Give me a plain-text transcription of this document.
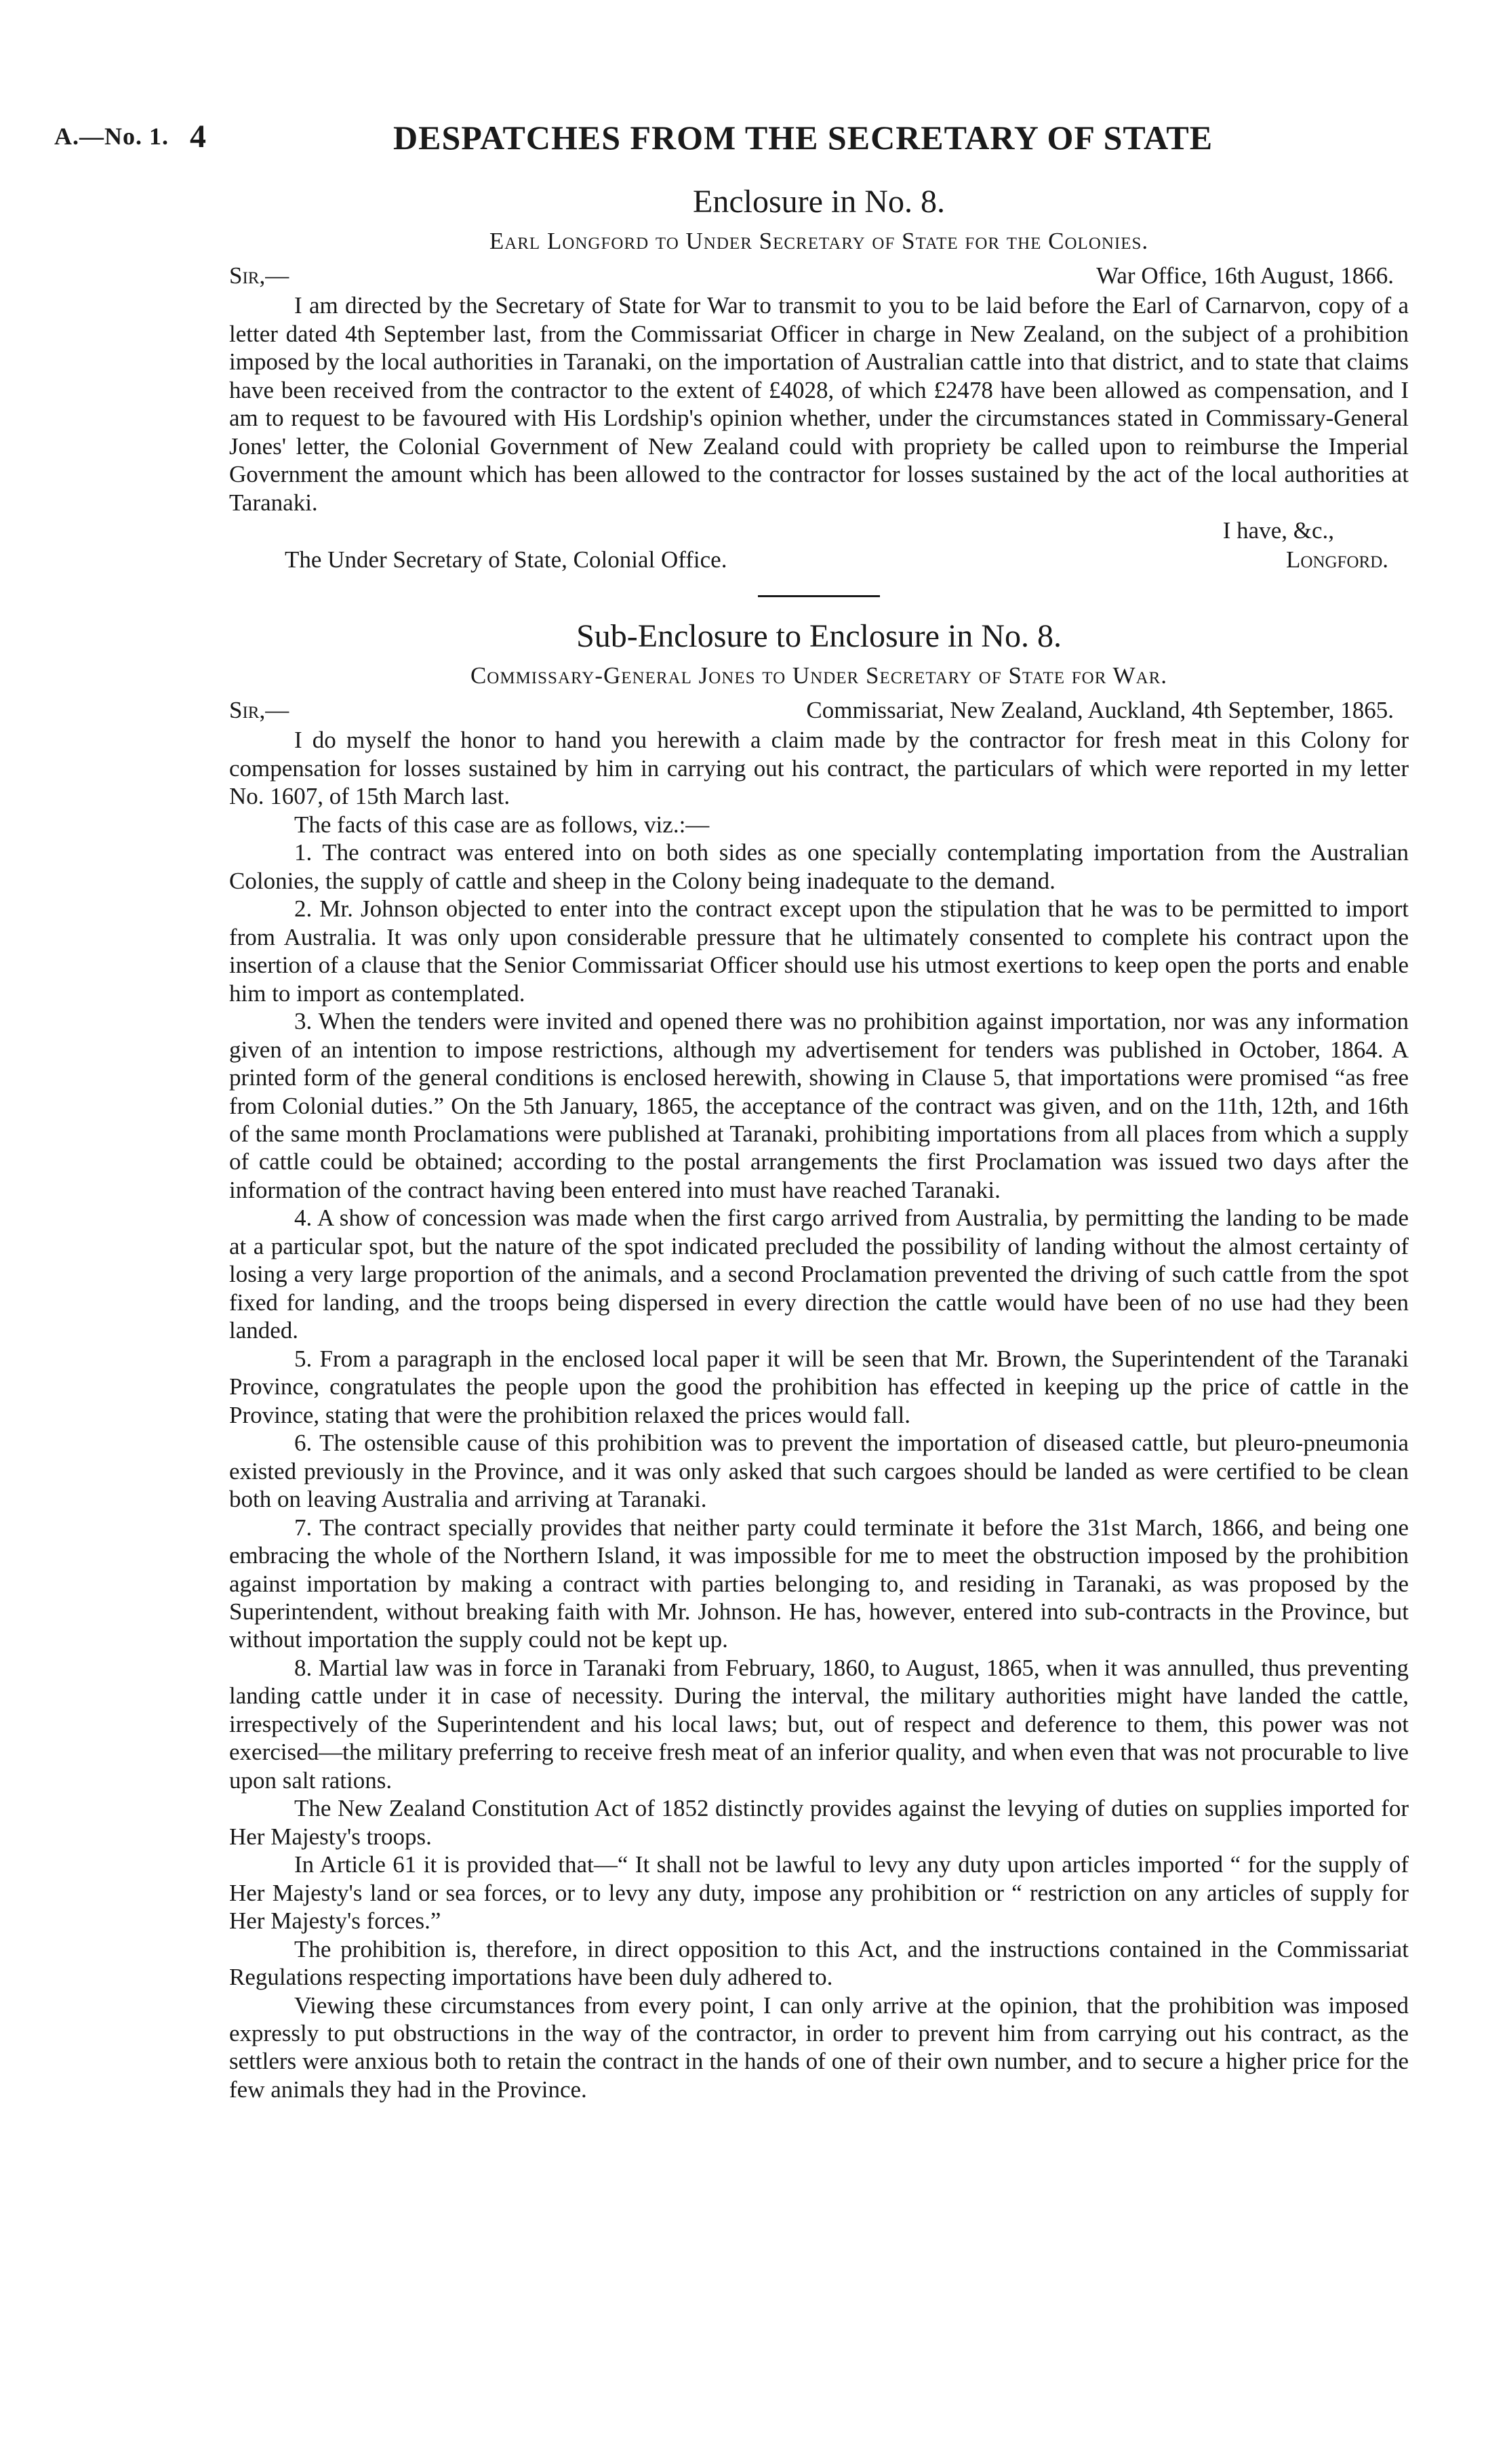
A.—No. 1. 4	DESPATCHES FROM THE SECRETARY OF STATE
Enclosure in No. 8.
Earl Longford to Under Secretary of State for the Colonies.
Sir,—	War Office, 16th August, 1866.

I am directed by the Secretary of State for War to transmit to you to be laid before the Earl of Carnarvon, copy of a letter dated 4th September last, from the Commissariat Officer in charge in New Zealand, on the subject of a prohibition imposed by the local authorities in Taranaki, on the importation of Australian cattle into that district, and to state that claims have been received from the contractor to the extent of £4028, of which £2478 have been allowed as compensation, and I am to request to be favoured with His Lordship's opinion whether, under the circumstances stated in Commissary-General Jones' letter, the Colonial Government of New Zealand could with propriety be called upon to reimburse the Imperial Government the amount which has been allowed to the contractor for losses sustained by the act of the local authorities at Taranaki.

I have, &c.,
The Under Secretary of State, Colonial Office.	Longford.
Sub-Enclosure to Enclosure in No. 8.
Commissary-General Jones to Under Secretary of State for War.
Sir,—	Commissariat, New Zealand, Auckland, 4th September, 1865.

I do myself the honor to hand you herewith a claim made by the contractor for fresh meat in this Colony for compensation for losses sustained by him in carrying out his contract, the particulars of which were reported in my letter No. 1607, of 15th March last.

The facts of this case are as follows, viz.:—

1. The contract was entered into on both sides as one specially contemplating importation from the Australian Colonies, the supply of cattle and sheep in the Colony being inadequate to the demand.

2. Mr. Johnson objected to enter into the contract except upon the stipulation that he was to be permitted to import from Australia. It was only upon considerable pressure that he ultimately consented to complete his contract upon the insertion of a clause that the Senior Commissariat Officer should use his utmost exertions to keep open the ports and enable him to import as contemplated.

3. When the tenders were invited and opened there was no prohibition against importation, nor was any information given of an intention to impose restrictions, although my advertisement for tenders was published in October, 1864. A printed form of the general conditions is enclosed herewith, showing in Clause 5, that importations were promised “as free from Colonial duties.” On the 5th January, 1865, the acceptance of the contract was given, and on the 11th, 12th, and 16th of the same month Proclamations were published at Taranaki, prohibiting importations from all places from which a supply of cattle could be obtained; according to the postal arrangements the first Proclamation was issued two days after the information of the contract having been entered into must have reached Taranaki.

4. A show of concession was made when the first cargo arrived from Australia, by permitting the landing to be made at a particular spot, but the nature of the spot indicated precluded the possibility of landing without the almost certainty of losing a very large proportion of the animals, and a second Proclamation prevented the driving of such cattle from the spot fixed for landing, and the troops being dispersed in every direction the cattle would have been of no use had they been landed.

5. From a paragraph in the enclosed local paper it will be seen that Mr. Brown, the Superintendent of the Taranaki Province, congratulates the people upon the good the prohibition has effected in keeping up the price of cattle in the Province, stating that were the prohibition relaxed the prices would fall.

6. The ostensible cause of this prohibition was to prevent the importation of diseased cattle, but pleuro-pneumonia existed previously in the Province, and it was only asked that such cargoes should be landed as were certified to be clean both on leaving Australia and arriving at Taranaki.

7. The contract specially provides that neither party could terminate it before the 31st March, 1866, and being one embracing the whole of the Northern Island, it was impossible for me to meet the obstruction imposed by the prohibition against importation by making a contract with parties belonging to, and residing in Taranaki, as was proposed by the Superintendent, without breaking faith with Mr. Johnson. He has, however, entered into sub-contracts in the Province, but without importation the supply could not be kept up.

8. Martial law was in force in Taranaki from February, 1860, to August, 1865, when it was annulled, thus preventing landing cattle under it in case of necessity. During the interval, the military authorities might have landed the cattle, irrespectively of the Superintendent and his local laws; but, out of respect and deference to them, this power was not exercised—the military preferring to receive fresh meat of an inferior quality, and when even that was not procurable to live upon salt rations.

The New Zealand Constitution Act of 1852 distinctly provides against the levying of duties on supplies imported for Her Majesty's troops.

In Article 61 it is provided that—“ It shall not be lawful to levy any duty upon articles imported “ for the supply of Her Majesty's land or sea forces, or to levy any duty, impose any prohibition or “ restriction on any articles of supply for Her Majesty's forces.”

The prohibition is, therefore, in direct opposition to this Act, and the instructions contained in the Commissariat Regulations respecting importations have been duly adhered to.

Viewing these circumstances from every point, I can only arrive at the opinion, that the prohibition was imposed expressly to put obstructions in the way of the contractor, in order to prevent him from carrying out his contract, as the settlers were anxious both to retain the contract in the hands of one of their own number, and to secure a higher price for the few animals they had in the Province.
